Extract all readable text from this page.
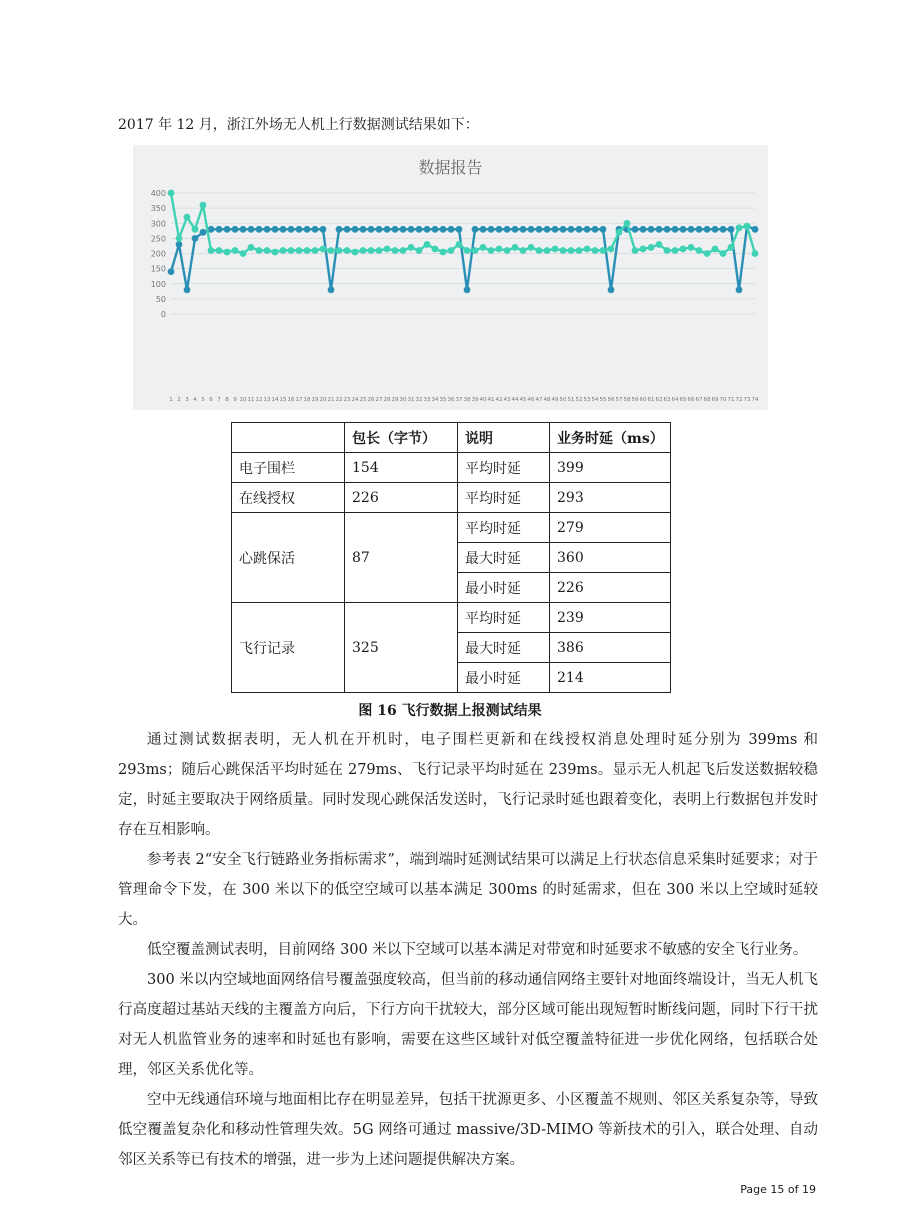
2017 年 12 月，浙江外场无人机上行数据测试结果如下：
数据报告
0
50
100
150
200
250
300
350
400
1 2 3 4 5 6 7 8 9 10 11 12 13 14 15 16 17 18 19 20 21 22 23 24 25 26 27 28 29 30 31 32 33 34 35 36 37 38 39 40 41 42 43 44 45 46 47 48 49 50 51 52 53 54 55 56 57 58 59 60 61 62 63 64 65 66 67 68 69 70 71 72 73 74
	包长（字节）	说明	业务时延（ms）
电子围栏	154	平均时延	399
在线授权	226	平均时延	293
心跳保活	87	平均时延	279
		最大时延	360
		最小时延	226
飞行记录	325	平均时延	239
		最大时延	386
		最小时延	214
图 16 飞行数据上报测试结果

通过测试数据表明，无人机在开机时，电子围栏更新和在线授权消息处理时延分别为 399ms 和 293ms；随后心跳保活平均时延在 279ms、飞行记录平均时延在 239ms。显示无人机起飞后发送数据较稳定，时延主要取决于网络质量。同时发现心跳保活发送时，飞行记录时延也跟着变化，表明上行数据包并发时存在互相影响。

参考表 2“安全飞行链路业务指标需求”，端到端时延测试结果可以满足上行状态信息采集时延要求；对于管理命令下发，在 300 米以下的低空空域可以基本满足 300ms 的时延需求，但在 300 米以上空域时延较大。

低空覆盖测试表明，目前网络 300 米以下空域可以基本满足对带宽和时延要求不敏感的安全飞行业务。

300 米以内空域地面网络信号覆盖强度较高，但当前的移动通信网络主要针对地面终端设计，当无人机飞行高度超过基站天线的主覆盖方向后，下行方向干扰较大，部分区域可能出现短暂时断线问题，同时下行干扰对无人机监管业务的速率和时延也有影响，需要在这些区域针对低空覆盖特征进一步优化网络，包括联合处理，邻区关系优化等。

空中无线通信环境与地面相比存在明显差异，包括干扰源更多、小区覆盖不规则、邻区关系复杂等，导致低空覆盖复杂化和移动性管理失效。5G 网络可通过 massive/3D-MIMO 等新技术的引入，联合处理、自动邻区关系等已有技术的增强，进一步为上述问题提供解决方案。

Page 15 of 19
